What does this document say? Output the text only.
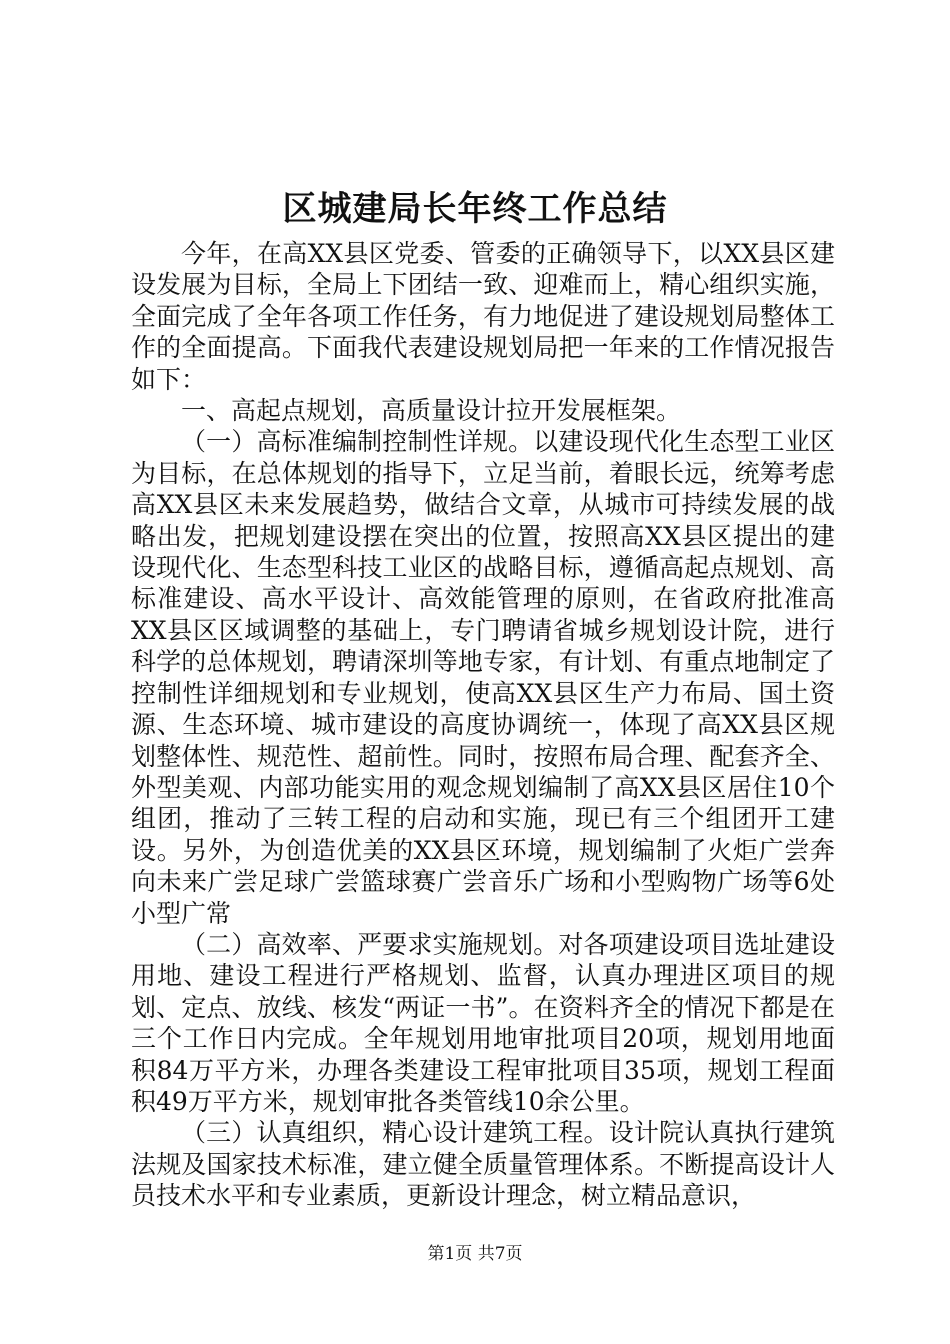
区城建局长年终工作总结

今年，在高XX县区党委、管委的正确领导下，以XX县区建设发展为目标，全局上下团结一致、迎难而上，精心组织实施，全面完成了全年各项工作任务，有力地促进了建设规划局整体工作的全面提高。下面我代表建设规划局把一年来的工作情况报告如下：

一、高起点规划，高质量设计拉开发展框架。

（一）高标准编制控制性详规。以建设现代化生态型工业区为目标，在总体规划的指导下，立足当前，着眼长远，统筹考虑高XX县区未来发展趋势，做结合文章，从城市可持续发展的战略出发，把规划建设摆在突出的位置，按照高XX县区提出的建设现代化、生态型科技工业区的战略目标，遵循高起点规划、高标准建设、高水平设计、高效能管理的原则，在省政府批准高XX县区区域调整的基础上，专门聘请省城乡规划设计院，进行科学的总体规划，聘请深圳等地专家，有计划、有重点地制定了控制性详细规划和专业规划，使高XX县区生产力布局、国土资源、生态环境、城市建设的高度协调统一，体现了高XX县区规划整体性、规范性、超前性。同时，按照布局合理、配套齐全、外型美观、内部功能实用的观念规划编制了高XX县区居住10个组团，推动了三转工程的启动和实施，现已有三个组团开工建设。另外，为创造优美的XX县区环境，规划编制了火炬广尝奔向未来广尝足球广尝篮球赛广尝音乐广场和小型购物广场等6处小型广常

（二）高效率、严要求实施规划。对各项建设项目选址建设用地、建设工程进行严格规划、监督，认真办理进区项目的规划、定点、放线、核发“两证一书”。在资料齐全的情况下都是在三个工作日内完成。全年规划用地审批项目20项，规划用地面积84万平方米，办理各类建设工程审批项目35项，规划工程面积49万平方米，规划审批各类管线10余公里。

（三）认真组织，精心设计建筑工程。设计院认真执行建筑法规及国家技术标准，建立健全质量管理体系。不断提高设计人员技术水平和专业素质，更新设计理念，树立精品意识，

第1页 共7页
